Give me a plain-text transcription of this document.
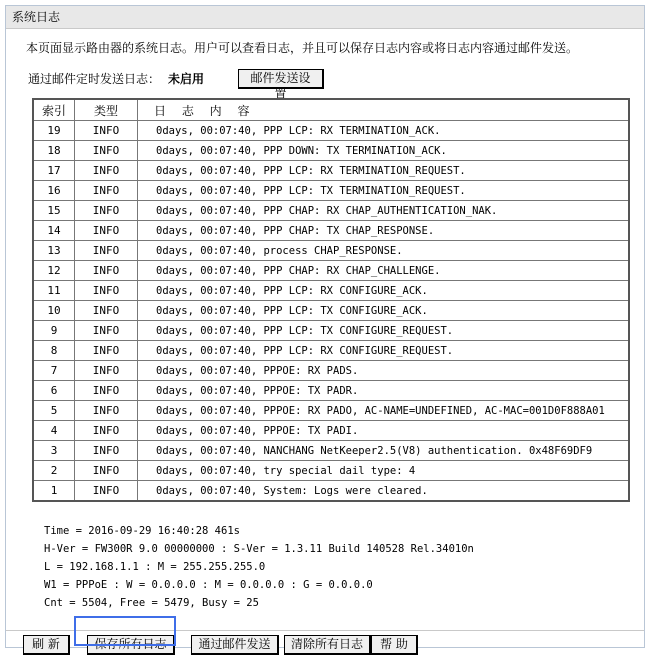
系统日志
本页面显示路由器的系统日志。用户可以查看日志，并且可以保存日志内容或将日志内容通过邮件发送。
通过邮件定时发送日志： 未启用	邮件发送设置
索引	类型	日 志 内 容
19	INFO	0days, 00:07:40, PPP LCP: RX TERMINATION_ACK.
18	INFO	0days, 00:07:40, PPP DOWN: TX TERMINATION_ACK.
17	INFO	0days, 00:07:40, PPP LCP: RX TERMINATION_REQUEST.
16	INFO	0days, 00:07:40, PPP LCP: TX TERMINATION_REQUEST.
15	INFO	0days, 00:07:40, PPP CHAP: RX CHAP_AUTHENTICATION_NAK.
14	INFO	0days, 00:07:40, PPP CHAP: TX CHAP_RESPONSE.
13	INFO	0days, 00:07:40, process CHAP_RESPONSE.
12	INFO	0days, 00:07:40, PPP CHAP: RX CHAP_CHALLENGE.
11	INFO	0days, 00:07:40, PPP LCP: RX CONFIGURE_ACK.
10	INFO	0days, 00:07:40, PPP LCP: TX CONFIGURE_ACK.
9	INFO	0days, 00:07:40, PPP LCP: TX CONFIGURE_REQUEST.
8	INFO	0days, 00:07:40, PPP LCP: RX CONFIGURE_REQUEST.
7	INFO	0days, 00:07:40, PPPOE: RX PADS.
6	INFO	0days, 00:07:40, PPPOE: TX PADR.
5	INFO	0days, 00:07:40, PPPOE: RX PADO, AC-NAME=UNDEFINED, AC-MAC=001D0F888A01
4	INFO	0days, 00:07:40, PPPOE: TX PADI.
3	INFO	0days, 00:07:40, NANCHANG NetKeeper2.5(V8) authentication. 0x48F69DF9
2	INFO	0days, 00:07:40, try special dail type: 4
1	INFO	0days, 00:07:40, System: Logs were cleared.
Time = 2016-09-29 16:40:28 461s
H-Ver = FW300R 9.0 00000000 : S-Ver = 1.3.11 Build 140528 Rel.34010n
L = 192.168.1.1 : M = 255.255.255.0
W1 = PPPoE : W = 0.0.0.0 : M = 0.0.0.0 : G = 0.0.0.0
Cnt = 5504, Free = 5479, Busy = 25
刷 新	保存所有日志	通过邮件发送	清除所有日志	帮 助
